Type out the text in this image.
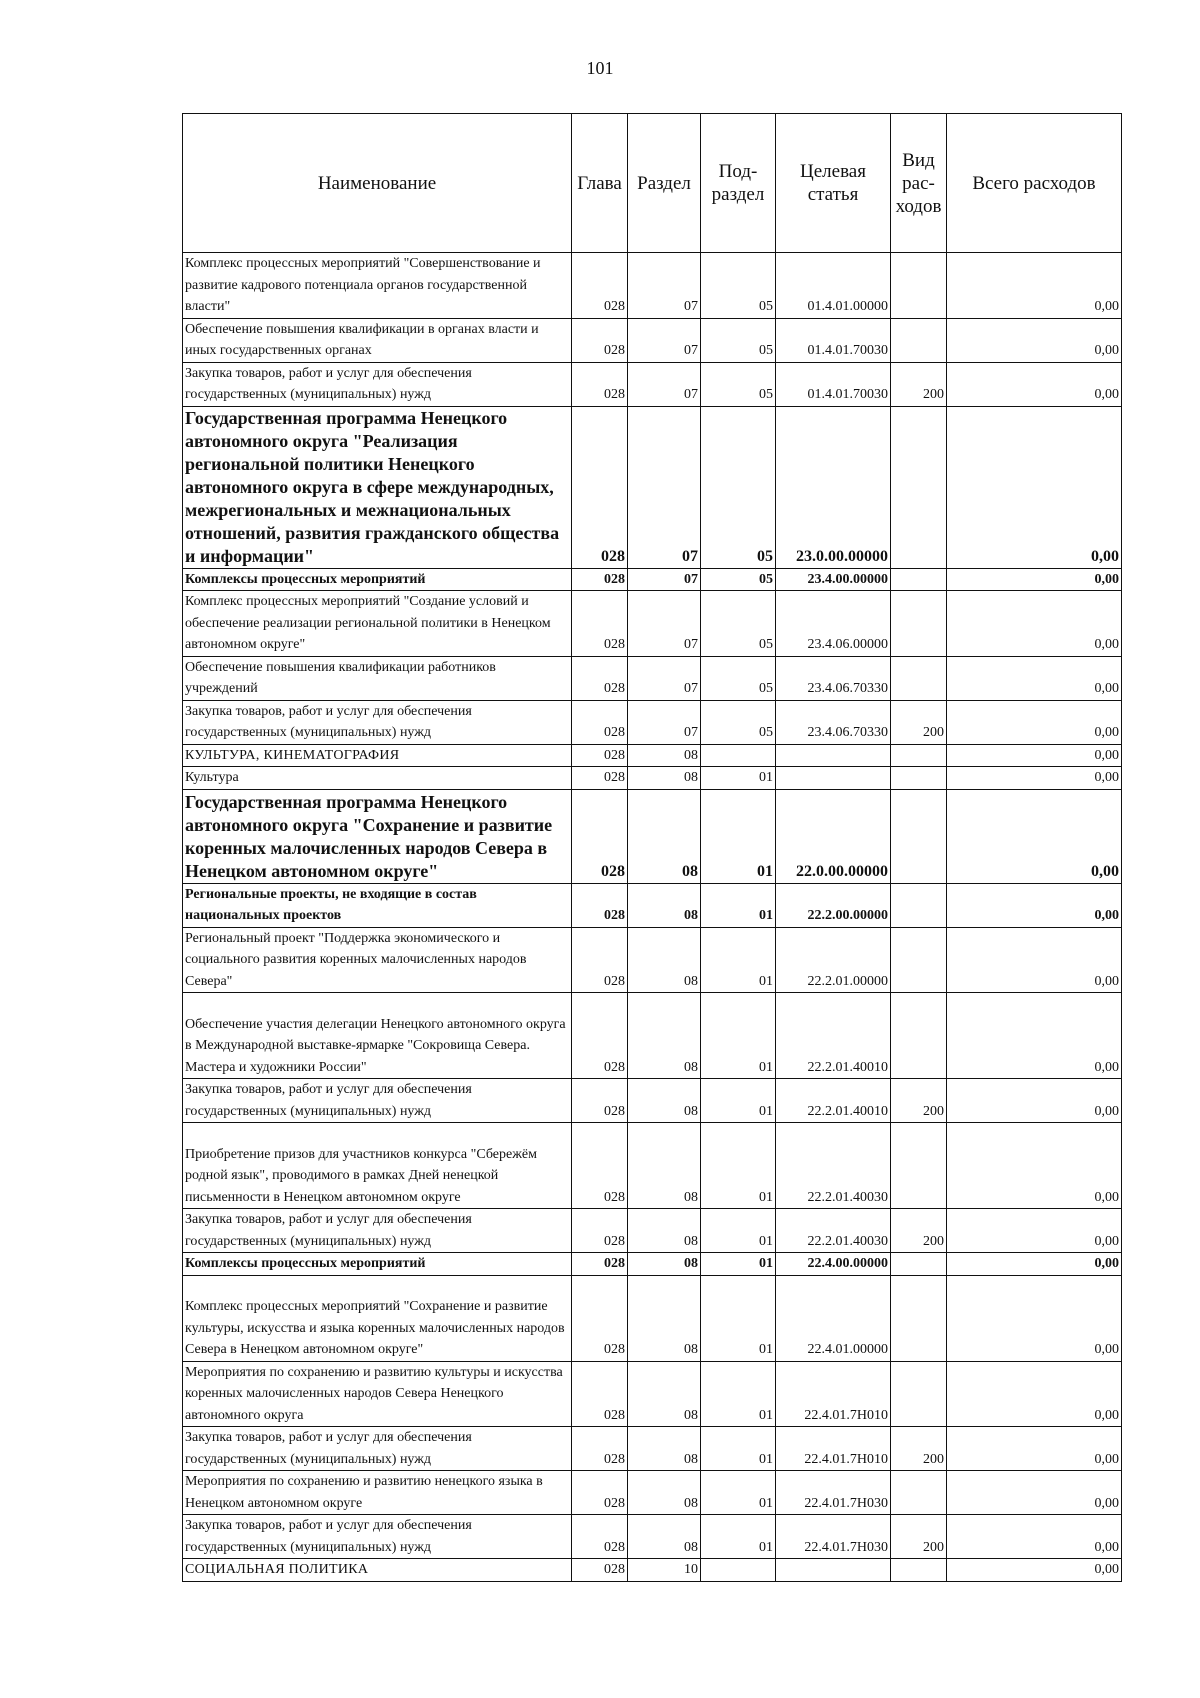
101
Наименование	Глава	Раздел	Под-раздел	Целевая статья	Вид рас-ходов	Всего расходов
Комплекс процессных мероприятий "Совершенствование и развитие кадрового потенциала органов государственной власти"	028	07	05	01.4.01.00000		0,00
Обеспечение повышения квалификации в органах власти и иных государственных органах	028	07	05	01.4.01.70030		0,00
Закупка товаров, работ и услуг для обеспечения государственных (муниципальных) нужд	028	07	05	01.4.01.70030	200	0,00
Государственная программа Ненецкого автономного округа "Реализация региональной политики Ненецкого автономного округа в сфере международных, межрегиональных и межнациональных отношений, развития гражданского общества и информации"	028	07	05	23.0.00.00000		0,00
Комплексы процессных мероприятий	028	07	05	23.4.00.00000		0,00
Комплекс процессных мероприятий "Создание условий и обеспечение реализации региональной политики в Ненецком автономном округе"	028	07	05	23.4.06.00000		0,00
Обеспечение повышения квалификации работников учреждений	028	07	05	23.4.06.70330		0,00
Закупка товаров, работ и услуг для обеспечения государственных (муниципальных) нужд	028	07	05	23.4.06.70330	200	0,00
КУЛЬТУРА, КИНЕМАТОГРАФИЯ	028	08				0,00
Культура	028	08	01			0,00
Государственная программа Ненецкого автономного округа "Сохранение и развитие коренных малочисленных народов Севера в Ненецком автономном округе"	028	08	01	22.0.00.00000		0,00
Региональные проекты, не входящие в состав национальных проектов	028	08	01	22.2.00.00000		0,00
Региональный проект "Поддержка экономического и социального развития коренных малочисленных народов Севера"	028	08	01	22.2.01.00000		0,00
Обеспечение участия делегации Ненецкого автономного округа в Международной выставке-ярмарке "Сокровища Севера. Мастера и художники России"	028	08	01	22.2.01.40010		0,00
Закупка товаров, работ и услуг для обеспечения государственных (муниципальных) нужд	028	08	01	22.2.01.40010	200	0,00
Приобретение призов для участников конкурса "Сбережём родной язык", проводимого в рамках Дней ненецкой письменности в Ненецком автономном округе	028	08	01	22.2.01.40030		0,00
Закупка товаров, работ и услуг для обеспечения государственных (муниципальных) нужд	028	08	01	22.2.01.40030	200	0,00
Комплексы процессных мероприятий	028	08	01	22.4.00.00000		0,00
Комплекс процессных мероприятий "Сохранение и развитие культуры, искусства и языка коренных малочисленных народов Севера в Ненецком автономном округе"	028	08	01	22.4.01.00000		0,00
Мероприятия по сохранению и развитию культуры и искусства коренных малочисленных народов Севера Ненецкого автономного округа	028	08	01	22.4.01.7Н010		0,00
Закупка товаров, работ и услуг для обеспечения государственных (муниципальных) нужд	028	08	01	22.4.01.7Н010	200	0,00
Мероприятия по сохранению и развитию ненецкого языка в Ненецком автономном округе	028	08	01	22.4.01.7Н030		0,00
Закупка товаров, работ и услуг для обеспечения государственных (муниципальных) нужд	028	08	01	22.4.01.7Н030	200	0,00
СОЦИАЛЬНАЯ ПОЛИТИКА	028	10				0,00
